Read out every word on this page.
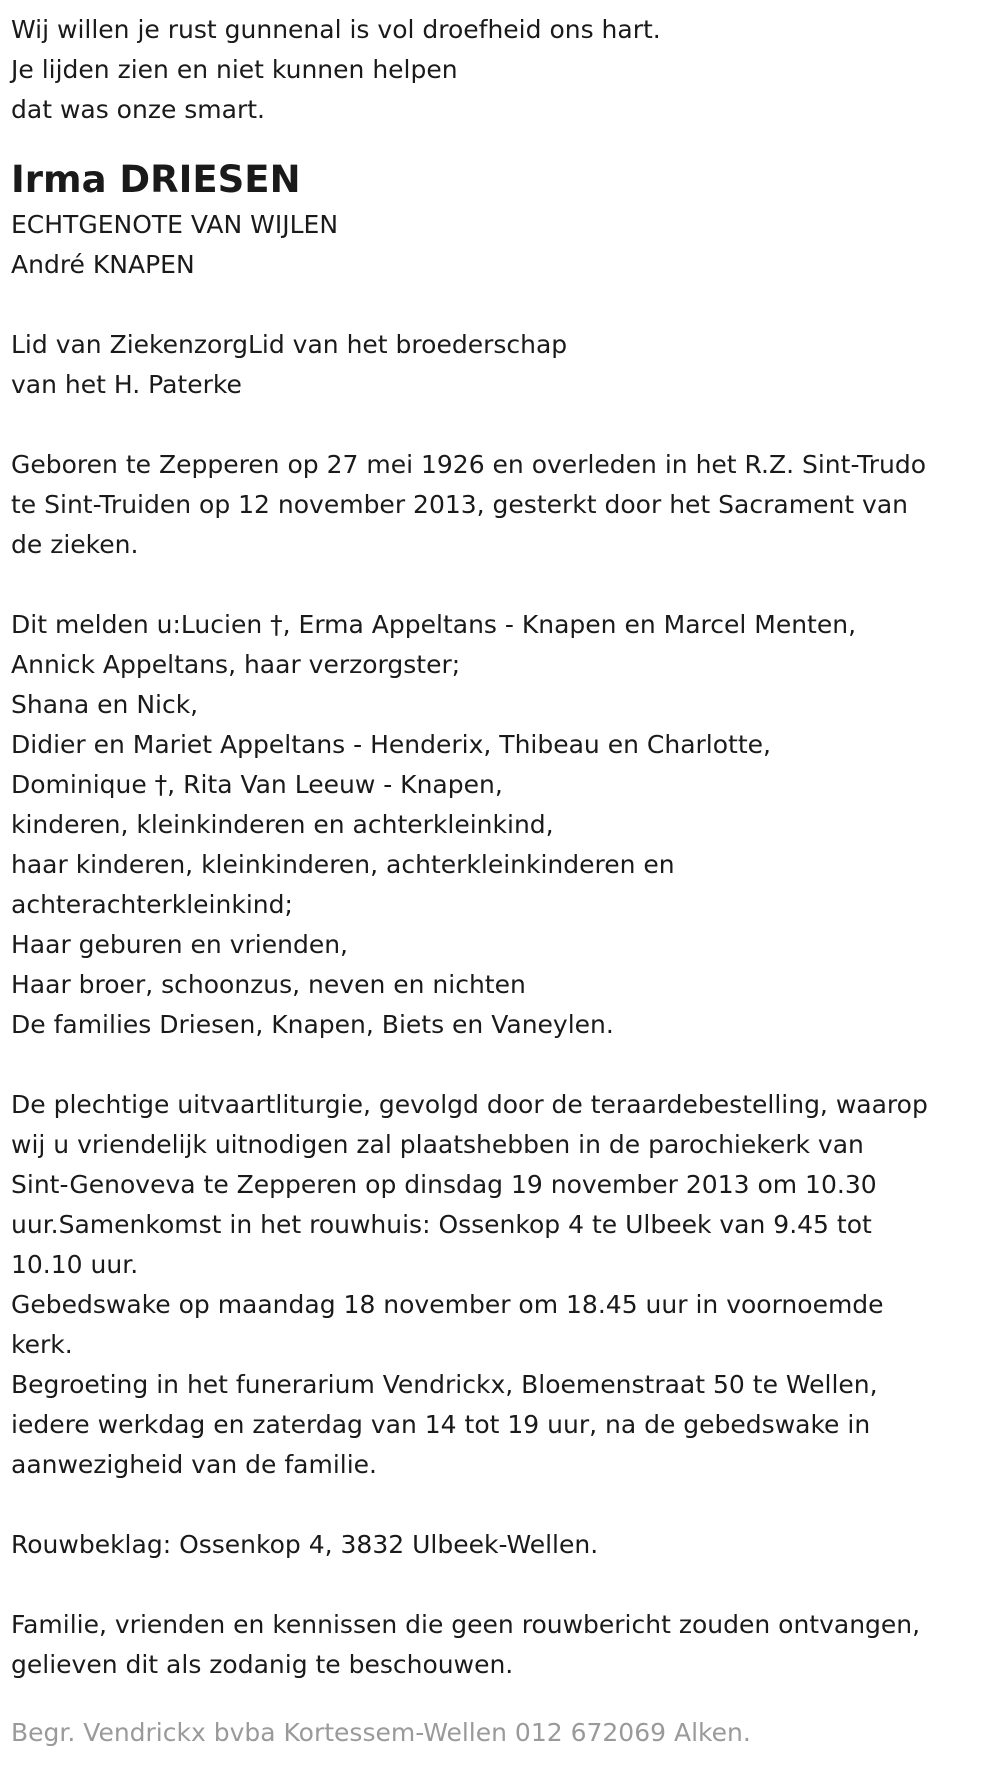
Wij willen je rust gunnenal is vol droefheid ons hart.
Je lijden zien en niet kunnen helpen
dat was onze smart.
Irma DRIESEN
ECHTGENOTE VAN WIJLEN
André KNAPEN
Lid van ZiekenzorgLid van het broederschap
van het H. Paterke
Geboren te Zepperen op 27 mei 1926 en overleden in het R.Z. Sint-Trudo
te Sint-Truiden op 12 november 2013, gesterkt door het Sacrament van
de zieken.
Dit melden u:Lucien †, Erma Appeltans - Knapen en Marcel Menten,
Annick Appeltans, haar verzorgster;
Shana en Nick,
Didier en Mariet Appeltans - Henderix, Thibeau en Charlotte,
Dominique †, Rita Van Leeuw - Knapen,
kinderen, kleinkinderen en achterkleinkind,
haar kinderen, kleinkinderen, achterkleinkinderen en
achterachterkleinkind;
Haar geburen en vrienden,
Haar broer, schoonzus, neven en nichten
De families Driesen, Knapen, Biets en Vaneylen.
De plechtige uitvaartliturgie, gevolgd door de teraardebestelling, waarop
wij u vriendelijk uitnodigen zal plaatshebben in de parochiekerk van
Sint-Genoveva te Zepperen op dinsdag 19 november 2013 om 10.30
uur.Samenkomst in het rouwhuis: Ossenkop 4 te Ulbeek van 9.45 tot
10.10 uur.
Gebedswake op maandag 18 november om 18.45 uur in voornoemde
kerk.
Begroeting in het funerarium Vendrickx, Bloemenstraat 50 te Wellen,
iedere werkdag en zaterdag van 14 tot 19 uur, na de gebedswake in
aanwezigheid van de familie.
Rouwbeklag: Ossenkop 4, 3832 Ulbeek-Wellen.
Familie, vrienden en kennissen die geen rouwbericht zouden ontvangen,
gelieven dit als zodanig te beschouwen.
Begr. Vendrickx bvba Kortessem-Wellen 012 672069 Alken.
